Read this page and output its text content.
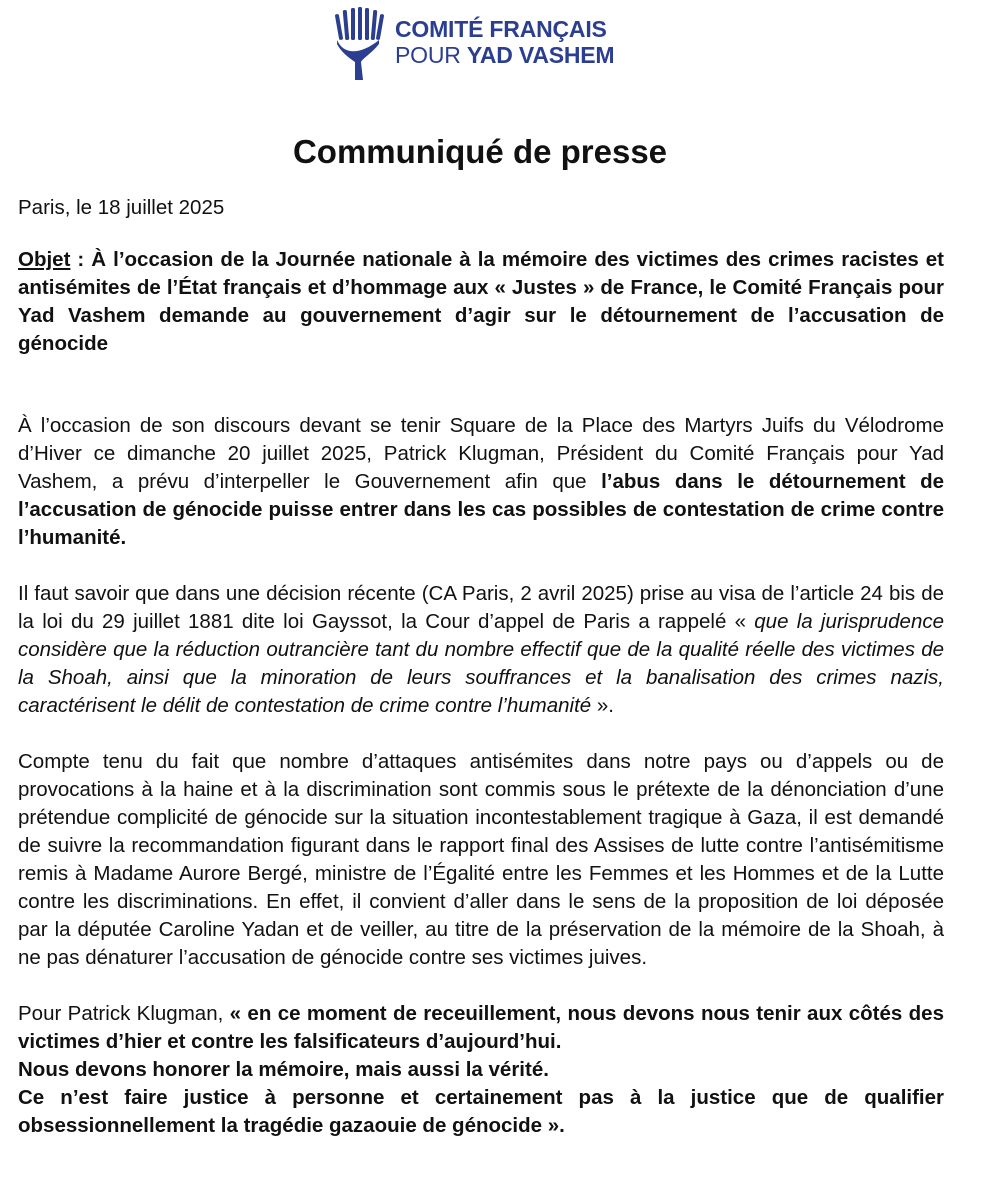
COMITÉ FRANÇAIS
POUR YAD VASHEM
Communiqué de presse

Paris, le 18 juillet 2025

Objet : À l’occasion de la Journée nationale à la mémoire des victimes des crimes racistes et antisémites de l’État français et d’hommage aux « Justes » de France, le Comité Français pour Yad Vashem demande au gouvernement d’agir sur le détournement de l’accusation de génocide

À l’occasion de son discours devant se tenir Square de la Place des Martyrs Juifs du Vélodrome d’Hiver ce dimanche 20 juillet 2025, Patrick Klugman, Président du Comité Français pour Yad Vashem, a prévu d’interpeller le Gouvernement afin que l’abus dans le détournement de l’accusation de génocide puisse entrer dans les cas possibles de contestation de crime contre l’humanité.

Il faut savoir que dans une décision récente (CA Paris, 2 avril 2025) prise au visa de l’article 24 bis de la loi du 29 juillet 1881 dite loi Gayssot, la Cour d’appel de Paris a rappelé « que la jurisprudence considère que la réduction outrancière tant du nombre effectif que de la qualité réelle des victimes de la Shoah, ainsi que la minoration de leurs souffrances et la banalisation des crimes nazis, caractérisent le délit de contestation de crime contre l’humanité ».

Compte tenu du fait que nombre d’attaques antisémites dans notre pays ou d’appels ou de provocations à la haine et à la discrimination sont commis sous le prétexte de la dénonciation d’une prétendue complicité de génocide sur la situation incontestablement tragique à Gaza, il est demandé de suivre la recommandation figurant dans le rapport final des Assises de lutte contre l’antisémitisme remis à Madame Aurore Bergé, ministre de l’Égalité entre les Femmes et les Hommes et de la Lutte contre les discriminations. En effet, il convient d’aller dans le sens de la proposition de loi déposée par la députée Caroline Yadan et de veiller, au titre de la préservation de la mémoire de la Shoah, à ne pas dénaturer l’accusation de génocide contre ses victimes juives.

Pour Patrick Klugman, « en ce moment de receuillement, nous devons nous tenir aux côtés des victimes d’hier et contre les falsificateurs d’aujourd’hui.

Nous devons honorer la mémoire, mais aussi la vérité.

Ce n’est faire justice à personne et certainement pas à la justice que de qualifier obsessionnellement la tragédie gazaouie de génocide ».
